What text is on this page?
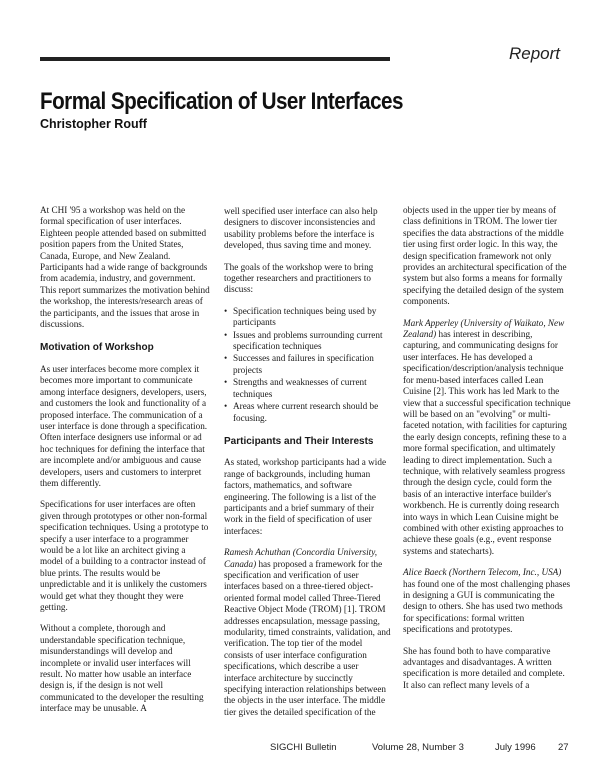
Report
Formal Specification of User Interfaces
Christopher Rouff

At CHI '95 a workshop was held on the formal specification of user interfaces. Eighteen people attended based on submitted position papers from the United States, Canada, Europe, and New Zealand. Participants had a wide range of backgrounds from academia, industry, and government. This report summarizes the motivation behind the workshop, the interests/research areas of the participants, and the issues that arose in discussions.

Motivation of Workshop

As user interfaces become more complex it becomes more important to communicate among interface designers, developers, users, and customers the look and functionality of a proposed interface. The communication of a user interface is done through a specification. Often interface designers use informal or ad hoc techniques for defining the interface that are incomplete and/or ambiguous and cause developers, users and customers to interpret them differently.

Specifications for user interfaces are often given through prototypes or other non-formal specification techniques. Using a prototype to specify a user interface to a programmer would be a lot like an architect giving a model of a building to a contractor instead of blue prints. The results would be unpredictable and it is unlikely the customers would get what they thought they were getting.

Without a complete, thorough and understandable specification technique, misunderstandings will develop and incomplete or invalid user interfaces will result. No matter how usable an interface design is, if the design is not well communicated to the developer the resulting interface may be unusable. A

well specified user interface can also help designers to discover inconsistencies and usability problems before the interface is developed, thus saving time and money.

The goals of the workshop were to bring together researchers and practitioners to discuss:

• Specification techniques being used by participants
• Issues and problems surrounding current specification techniques
• Successes and failures in specification projects
• Strengths and weaknesses of current techniques
• Areas where current research should be focusing.
Participants and Their Interests

As stated, workshop participants had a wide range of backgrounds, including human factors, mathematics, and software engineering. The following is a list of the participants and a brief summary of their work in the field of specification of user interfaces:

Ramesh Achuthan (Concordia University, Canada) has proposed a framework for the specification and verification of user interfaces based on a three-tiered object-oriented formal model called Three-Tiered Reactive Object Mode (TROM) [1]. TROM addresses encapsulation, message passing, modularity, timed constraints, validation, and verification. The top tier of the model consists of user interface configuration specifications, which describe a user interface architecture by succinctly specifying interaction relationships between the objects in the user interface. The middle tier gives the detailed specification of the

objects used in the upper tier by means of class definitions in TROM. The lower tier specifies the data abstractions of the middle tier using first order logic. In this way, the design specification framework not only provides an architectural specification of the system but also forms a means for formally specifying the detailed design of the system components.

Mark Apperley (University of Waikato, New Zealand) has interest in describing, capturing, and communicating designs for user interfaces. He has developed a specification/description/analysis technique for menu-based interfaces called Lean Cuisine [2]. This work has led Mark to the view that a successful specification technique will be based on an "evolving" or multi-faceted notation, with facilities for capturing the early design concepts, refining these to a more formal specification, and ultimately leading to direct implementation. Such a technique, with relatively seamless progress through the design cycle, could form the basis of an interactive interface builder's workbench. He is currently doing research into ways in which Lean Cuisine might be combined with other existing approaches to achieve these goals (e.g., event response systems and statecharts).

Alice Baeck (Northern Telecom, Inc., USA) has found one of the most challenging phases in designing a GUI is communicating the design to others. She has used two methods for specifications: formal written specifications and prototypes.

She has found both to have comparative advantages and disadvantages. A written specification is more detailed and complete. It also can reflect many levels of a

SIGCHI Bulletin	Volume 28, Number 3	July 1996 27
